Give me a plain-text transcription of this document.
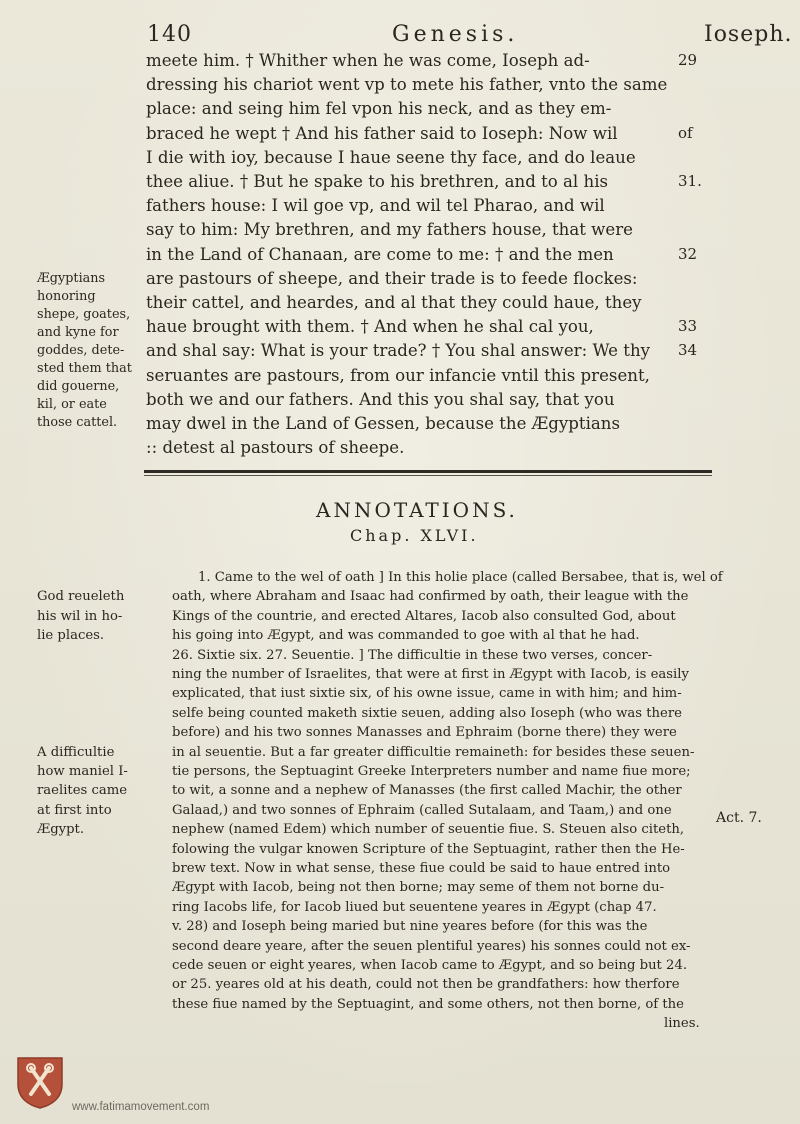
140	Genesis.	Ioseph.
meete him. † Whither when he was come, Ioseph ad-
dressing his chariot went vp to mete his father, vnto the same
place: and seing him fel vpon his neck, and as they em-
braced he wept † And his father said to Ioseph: Now wil
I die with ioy, because I haue seene thy face, and do leaue
thee aliue. † But he spake to his brethren, and to al his
fathers house: I wil goe vp, and wil tel Pharao, and wil
say to him: My brethren, and my fathers house, that were
in the Land of Chanaan, are come to me: † and the men
are pastours of sheepe, and their trade is to feede flockes:
their cattel, and heardes, and al that they could haue, they
haue brought with them. † And when he shal cal you,
and shal say: What is your trade? † You shal answer: We thy
seruantes are pastours, from our infancie vntil this present,
both we and our fathers. And this you shal say, that you
may dwel in the Land of Gessen, because the Ægyptians
:: detest al pastours of sheepe.
29
of
31.
32
33
34
Ægyptians
honoring
shepe, goates,
and kyne for
goddes, dete-
sted them that
did gouerne,
kil, or eate
those cattel.
ANNOTATIONS.
Chap. XLVI.
1. Came to the wel of oath ] In this holie place (called Bersabee, that is, wel of
oath, where Abraham and Isaac had confirmed by oath, their league with the
Kings of the countrie, and erected Altares, Iacob also consulted God, about
his going into Ægypt, and was commanded to goe with al that he had.
26. Sixtie six. 27. Seuentie. ] The difficultie in these two verses, concer-
ning the number of Israelites, that were at first in Ægypt with Iacob, is easily
explicated, that iust sixtie six, of his owne issue, came in with him; and him-
selfe being counted maketh sixtie seuen, adding also Ioseph (who was there
before) and his two sonnes Manasses and Ephraim (borne there) they were
in al seuentie. But a far greater difficultie remaineth: for besides these seuen-
tie persons, the Septuagint Greeke Interpreters number and name fiue more;
to wit, a sonne and a nephew of Manasses (the first called Machir, the other
Galaad,) and two sonnes of Ephraim (called Sutalaam, and Taam,) and one
nephew (named Edem) which number of seuentie fiue. S. Steuen also citeth,
folowing the vulgar knowen Scripture of the Septuagint, rather then the He-
brew text. Now in what sense, these fiue could be said to haue entred into
Ægypt with Iacob, being not then borne; may seme of them not borne du-
ring Iacobs life, for Iacob liued but seuentene yeares in Ægypt (chap 47.
v. 28) and Ioseph being maried but nine yeares before (for this was the
second deare yeare, after the seuen plentiful yeares) his sonnes could not ex-
cede seuen or eight yeares, when Iacob came to Ægypt, and so being but 24.
or 25. yeares old at his death, could not then be grandfathers: how therfore
these fiue named by the Septuagint, and some others, not then borne, of the
lines.
God reueleth
his wil in ho-
lie places.
A difficultie
how maniel I-
raelites came
at first into
Ægypt.
Act. 7.
www.fatimamovement.com
